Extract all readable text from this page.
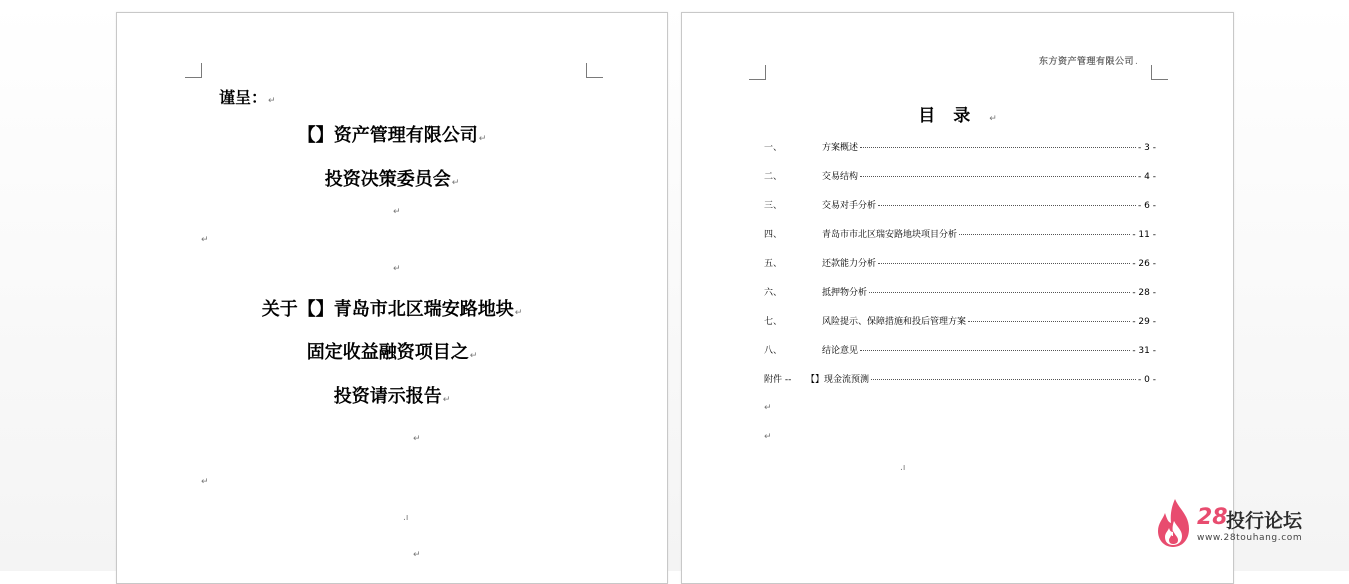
谨呈：↵
【】资产管理有限公司↵
投资决策委员会↵
↵
↵
↵
关于【】青岛市北区瑞安路地块↵
固定收益融资项目之↵
投资请示报告↵
↵
↵
.ı
↵
东方资产管理有限公司.
目录↵
一、	方案概述	- 3 -
二、	交易结构	- 4 -
三、	交易对手分析	- 6 -
四、	青岛市市北区瑞安路地块项目分析	- 11 -
五、	还款能力分析	- 26 -
六、	抵押物分析	- 28 -
七、	风险提示、保障措施和投后管理方案	- 29 -
八、	结论意见	- 31 -
附件 --	【】现金流预测	- 0 -
↵
↵
.ı
28
投行论坛
www.28touhang.com
